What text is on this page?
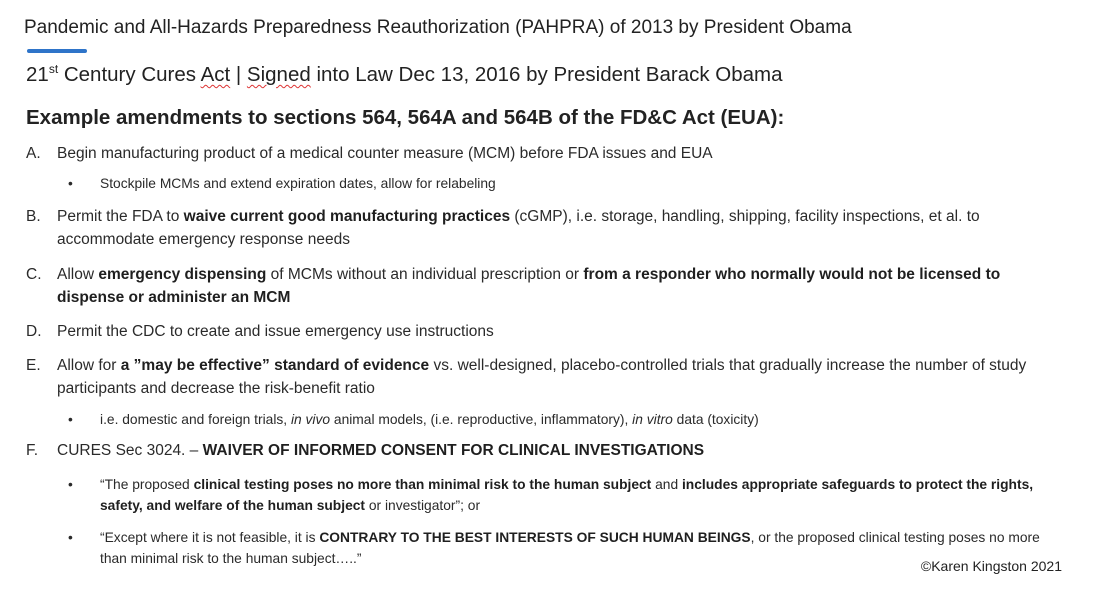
Pandemic and All-Hazards Preparedness Reauthorization (PAHPRA) of 2013 by President Obama
21st Century Cures Act | Signed into Law Dec 13, 2016 by President Barack Obama
Example amendments to sections 564, 564A and 564B of the FD&C Act (EUA):
A. Begin manufacturing product of a medical counter measure (MCM) before FDA issues and EUA
• Stockpile MCMs and extend expiration dates, allow for relabeling
B. Permit the FDA to waive current good manufacturing practices (cGMP), i.e. storage, handling, shipping, facility inspections, et al. to accommodate emergency response needs
C. Allow emergency dispensing of MCMs without an individual prescription or from a responder who normally would not be licensed to dispense or administer an MCM
D. Permit the CDC to create and issue emergency use instructions
E. Allow for a ”may be effective” standard of evidence vs. well-designed, placebo-controlled trials that gradually increase the number of study participants and decrease the risk-benefit ratio
• i.e. domestic and foreign trials, in vivo animal models, (i.e. reproductive, inflammatory), in vitro data (toxicity)
F. CURES Sec 3024. – WAIVER OF INFORMED CONSENT FOR CLINICAL INVESTIGATIONS
• “The proposed clinical testing poses no more than minimal risk to the human subject and includes appropriate safeguards to protect the rights, safety, and welfare of the human subject or investigator”; or
• “Except where it is not feasible, it is CONTRARY TO THE BEST INTERESTS OF SUCH HUMAN BEINGS, or the proposed clinical testing poses no more than minimal risk to the human subject…..”	©Karen Kingston 2021
